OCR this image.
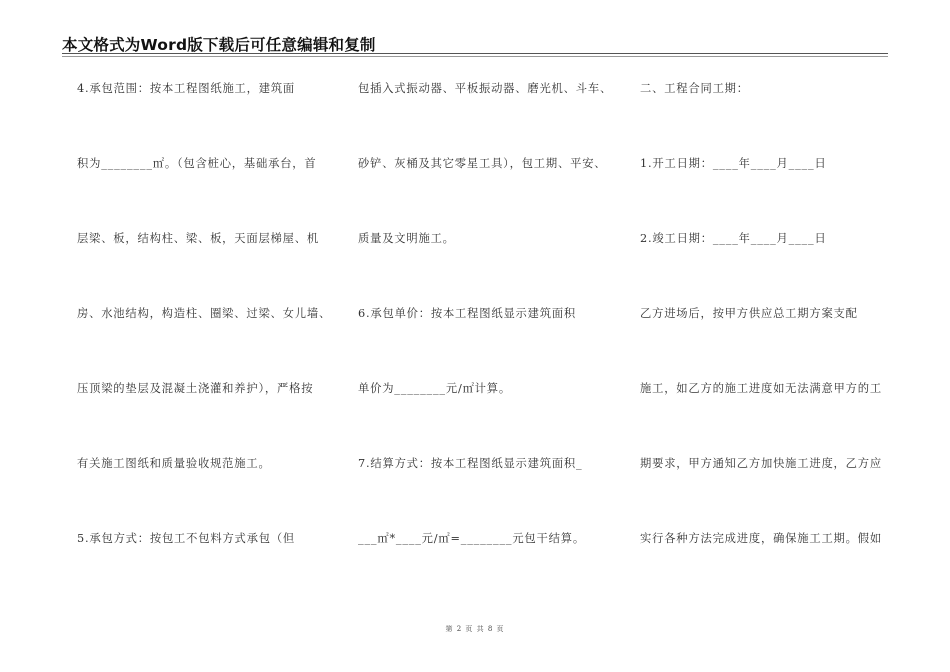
本文格式为Word版下载后可任意编辑和复制
4.承包范围：按本工程图纸施工，建筑面
积为________㎡。（包含桩心，基础承台，首
层梁、板，结构柱、梁、板，天面层梯屋、机
房、水池结构，构造柱、圈梁、过梁、女儿墙、
压顶梁的垫层及混凝土浇灌和养护），严格按
有关施工图纸和质量验收规范施工。
5.承包方式：按包工不包料方式承包（但
包插入式振动器、平板振动器、磨光机、斗车、
砂铲、灰桶及其它零星工具），包工期、平安、
质量及文明施工。
6.承包单价：按本工程图纸显示建筑面积
单价为________元/㎡计算。
7.结算方式：按本工程图纸显示建筑面积_
___㎡*____元/㎡=________元包干结算。
二、工程合同工期：
1.开工日期：____年____月____日
2.竣工日期：____年____月____日
乙方进场后，按甲方供应总工期方案支配
施工，如乙方的施工进度如无法满意甲方的工
期要求，甲方通知乙方加快施工进度，乙方应
实行各种方法完成进度，确保施工工期。假如
第 2 页 共 8 页
